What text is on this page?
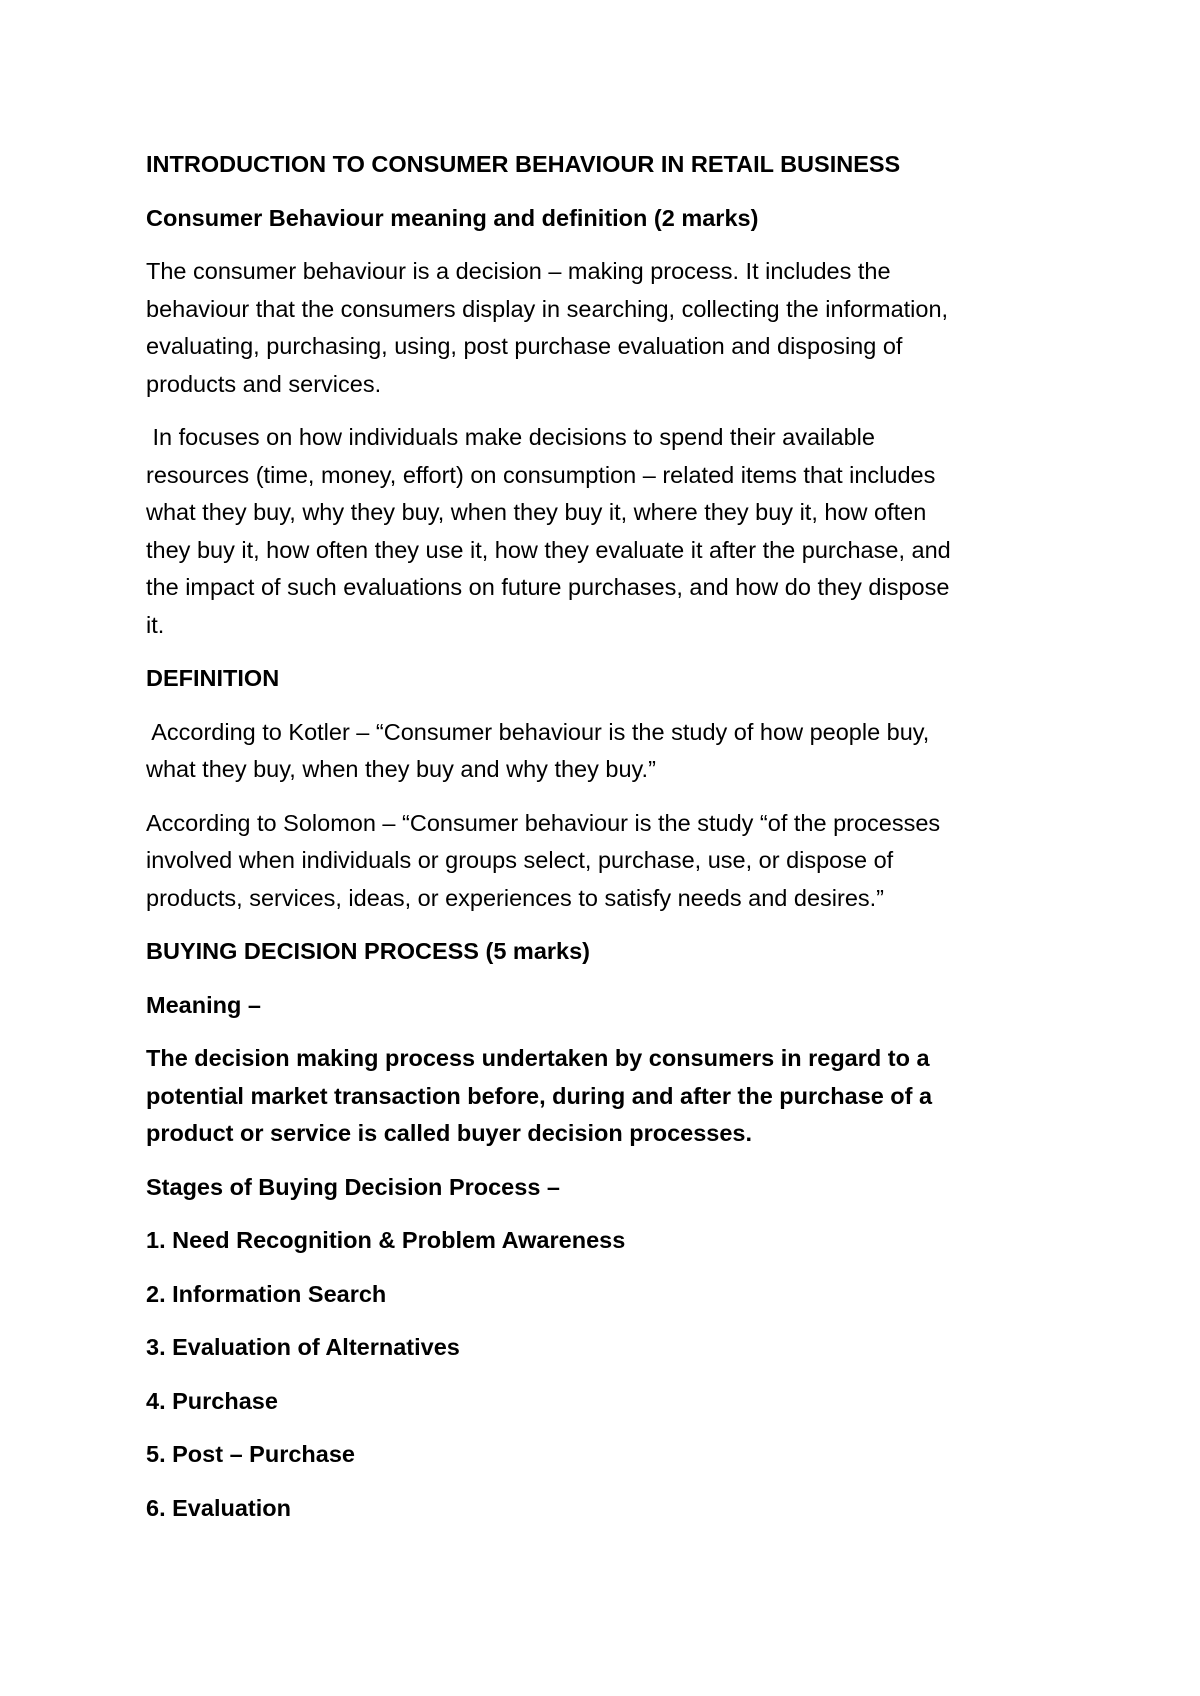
INTRODUCTION TO CONSUMER BEHAVIOUR IN RETAIL BUSINESS

Consumer Behaviour meaning and definition (2 marks)

The consumer behaviour is a decision – making process. It includes the

behaviour that the consumers display in searching, collecting the information,

evaluating, purchasing, using, post purchase evaluation and disposing of

products and services.

In focuses on how individuals make decisions to spend their available

resources (time, money, effort) on consumption – related items that includes

what they buy, why they buy, when they buy it, where they buy it, how often

they buy it, how often they use it, how they evaluate it after the purchase, and

the impact of such evaluations on future purchases, and how do they dispose

it.

DEFINITION

According to Kotler – “Consumer behaviour is the study of how people buy,

what they buy, when they buy and why they buy.”

According to Solomon – “Consumer behaviour is the study “of the processes

involved when individuals or groups select, purchase, use, or dispose of

products, services, ideas, or experiences to satisfy needs and desires.”

BUYING DECISION PROCESS (5 marks)

Meaning –

The decision making process undertaken by consumers in regard to a

potential market transaction before, during and after the purchase of a

product or service is called buyer decision processes.

Stages of Buying Decision Process –

1. Need Recognition & Problem Awareness

2. Information Search

3. Evaluation of Alternatives

4. Purchase

5. Post – Purchase

6. Evaluation
